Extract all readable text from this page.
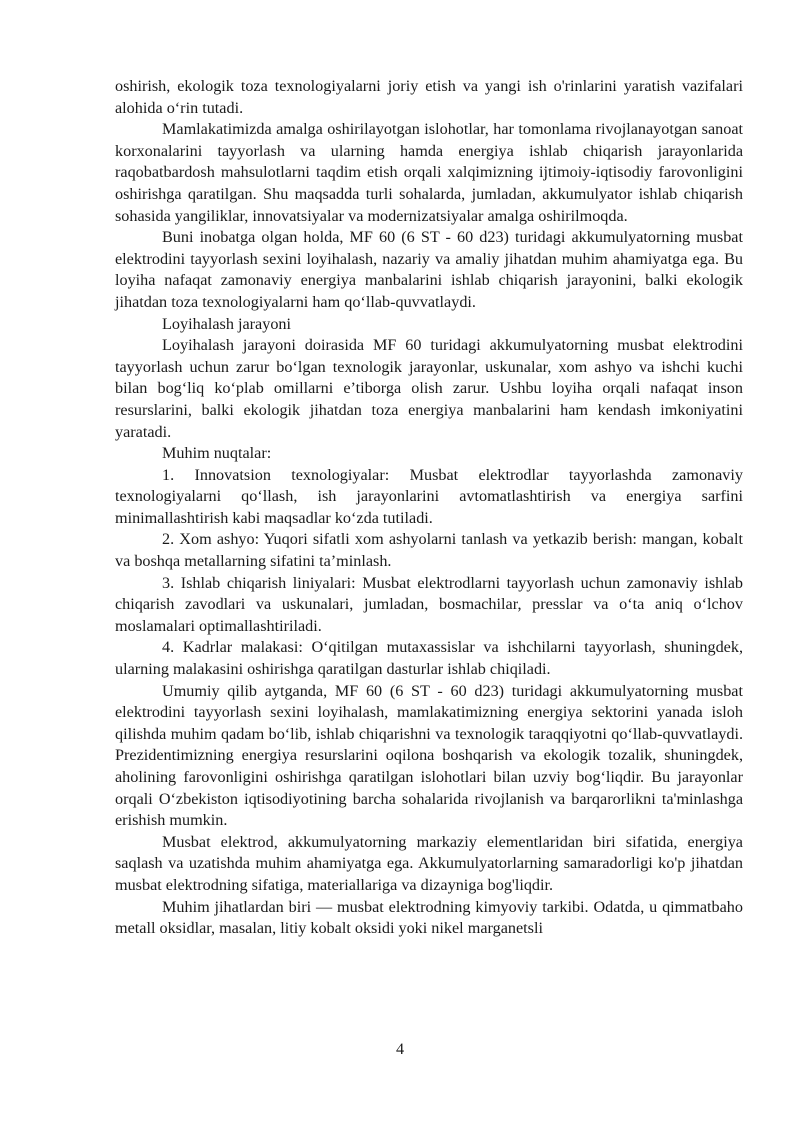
oshirish, ekologik toza texnologiyalarni joriy etish va yangi ish o'rinlarini yaratish vazifalari alohida o‘rin tutadi.

Mamlakatimizda amalga oshirilayotgan islohotlar, har tomonlama rivojlanayotgan sanoat korxonalarini tayyorlash va ularning hamda energiya ishlab chiqarish jarayonlarida raqobatbardosh mahsulotlarni taqdim etish orqali xalqimizning ijtimoiy-iqtisodiy farovonligini oshirishga qaratilgan. Shu maqsadda turli sohalarda, jumladan, akkumulyator ishlab chiqarish sohasida yangiliklar, innovatsiyalar va modernizatsiyalar amalga oshirilmoqda.

Buni inobatga olgan holda, MF 60 (6 ST - 60 d23) turidagi akkumulyatorning musbat elektrodini tayyorlash sexini loyihalash, nazariy va amaliy jihatdan muhim ahamiyatga ega. Bu loyiha nafaqat zamonaviy energiya manbalarini ishlab chiqarish jarayonini, balki ekologik jihatdan toza texnologiyalarni ham qo‘llab-quvvatlaydi.

Loyihalash jarayoni

Loyihalash jarayoni doirasida MF 60 turidagi akkumulyatorning musbat elektrodini tayyorlash uchun zarur bo‘lgan texnologik jarayonlar, uskunalar, xom ashyo va ishchi kuchi bilan bog‘liq ko‘plab omillarni e’tiborga olish zarur. Ushbu loyiha orqali nafaqat inson resurslarini, balki ekologik jihatdan toza energiya manbalarini ham kendash imkoniyatini yaratadi.

Muhim nuqtalar:

1. Innovatsion texnologiyalar: Musbat elektrodlar tayyorlashda zamonaviy texnologiyalarni qo‘llash, ish jarayonlarini avtomatlashtirish va energiya sarfini minimallashtirish kabi maqsadlar ko‘zda tutiladi.

2. Xom ashyo: Yuqori sifatli xom ashyolarni tanlash va yetkazib berish: mangan, kobalt va boshqa metallarning sifatini ta’minlash.

3. Ishlab chiqarish liniyalari: Musbat elektrodlarni tayyorlash uchun zamonaviy ishlab chiqarish zavodlari va uskunalari, jumladan, bosmachilar, presslar va o‘ta aniq o‘lchov moslamalari optimallashtiriladi.

4. Kadrlar malakasi: O‘qitilgan mutaxassislar va ishchilarni tayyorlash, shuningdek, ularning malakasini oshirishga qaratilgan dasturlar ishlab chiqiladi.

Umumiy qilib aytganda, MF 60 (6 ST - 60 d23) turidagi akkumulyatorning musbat elektrodini tayyorlash sexini loyihalash, mamlakatimizning energiya sektorini yanada isloh qilishda muhim qadam bo‘lib, ishlab chiqarishni va texnologik taraqqiyotni qo‘llab-quvvatlaydi. Prezidentimizning energiya resurslarini oqilona boshqarish va ekologik tozalik, shuningdek, aholining farovonligini oshirishga qaratilgan islohotlari bilan uzviy bog‘liqdir. Bu jarayonlar orqali O‘zbekiston iqtisodiyotining barcha sohalarida rivojlanish va barqarorlikni ta'minlashga erishish mumkin.

Musbat elektrod, akkumulyatorning markaziy elementlaridan biri sifatida, energiya saqlash va uzatishda muhim ahamiyatga ega. Akkumulyatorlarning samaradorligi ko'p jihatdan musbat elektrodning sifatiga, materiallariga va dizayniga bog'liqdir.

Muhim jihatlardan biri — musbat elektrodning kimyoviy tarkibi. Odatda, u qimmatbaho metall oksidlar, masalan, litiy kobalt oksidi yoki nikel marganetsli

4
